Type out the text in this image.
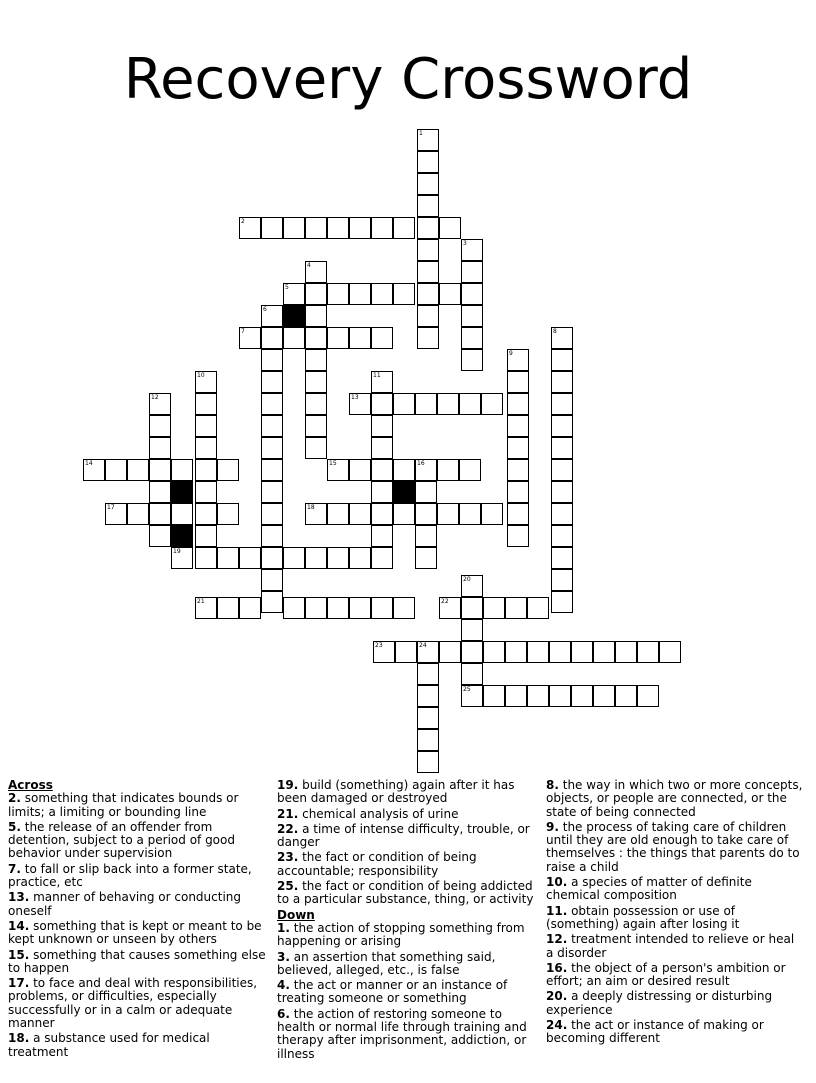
Recovery Crossword
1
2
3
4
5
6
7	8
9
10	11
12	13
14	15	16
17	18
19
20
21	22
23	24
25
Across
2. something that indicates bounds or limits; a limiting or bounding line
5. the release of an offender from detention, subject to a period of good behavior under supervision
7. to fall or slip back into a former state, practice, etc
13. manner of behaving or conducting oneself
14. something that is kept or meant to be kept unknown or unseen by others
15. something that causes something else to happen
17. to face and deal with responsibilities, problems, or difficulties, especially successfully or in a calm or adequate manner
18. a substance used for medical treatment
19. build (something) again after it has been damaged or destroyed
21. chemical analysis of urine
22. a time of intense difficulty, trouble, or danger
23. the fact or condition of being accountable; responsibility
25. the fact or condition of being addicted to a particular substance, thing, or activity
Down
1. the action of stopping something from happening or arising
3. an assertion that something said, believed, alleged, etc., is false
4. the act or manner or an instance of treating someone or something
6. the action of restoring someone to health or normal life through training and therapy after imprisonment, addiction, or illness
8. the way in which two or more concepts, objects, or people are connected, or the state of being connected
9. the process of taking care of children until they are old enough to take care of themselves : the things that parents do to raise a child
10. a species of matter of definite chemical composition
11. obtain possession or use of (something) again after losing it
12. treatment intended to relieve or heal a disorder
16. the object of a person's ambition or effort; an aim or desired result
20. a deeply distressing or disturbing experience
24. the act or instance of making or becoming different
